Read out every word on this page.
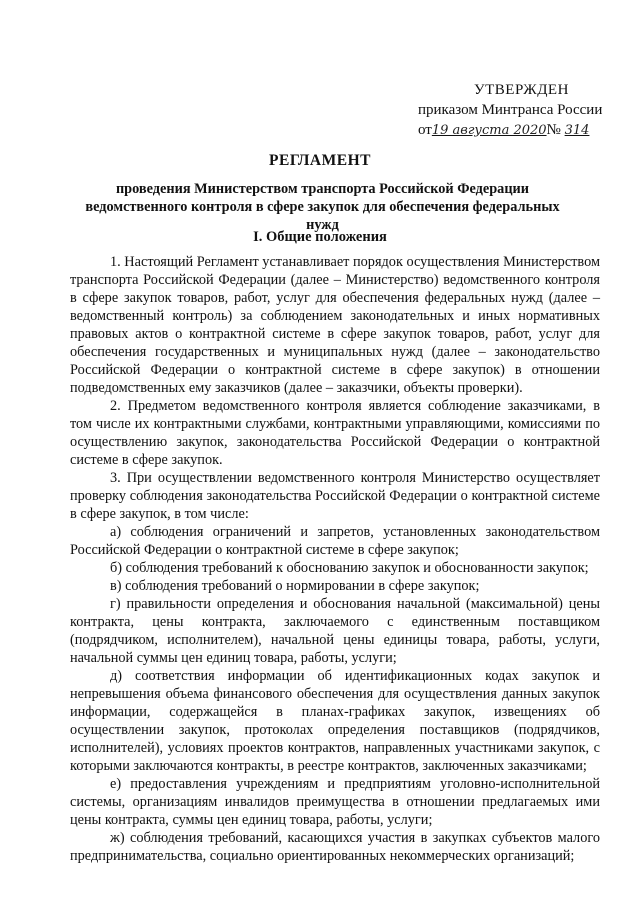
УТВЕРЖДЕН
приказом Минтранса России
от19 августа 2020№ 314
РЕГЛАМЕНТ
проведения Министерством транспорта Российской Федерации ведомственного контроля в сфере закупок для обеспечения федеральных нужд
I. Общие положения

1. Настоящий Регламент устанавливает порядок осуществления Министерством транспорта Российской Федерации (далее – Министерство) ведомственного контроля в сфере закупок товаров, работ, услуг для обеспечения федеральных нужд (далее – ведомственный контроль) за соблюдением законодательных и иных нормативных правовых актов о контрактной системе в сфере закупок товаров, работ, услуг для обеспечения государственных и муниципальных нужд (далее – законодательство Российской Федерации о контрактной системе в сфере закупок) в отношении подведомственных ему заказчиков (далее – заказчики, объекты проверки).

2. Предметом ведомственного контроля является соблюдение заказчиками, в том числе их контрактными службами, контрактными управляющими, комиссиями по осуществлению закупок, законодательства Российской Федерации о контрактной системе в сфере закупок.

3. При осуществлении ведомственного контроля Министерство осуществляет проверку соблюдения законодательства Российской Федерации о контрактной системе в сфере закупок, в том числе:

а) соблюдения ограничений и запретов, установленных законодательством Российской Федерации о контрактной системе в сфере закупок;

б) соблюдения требований к обоснованию закупок и обоснованности закупок;

в) соблюдения требований о нормировании в сфере закупок;

г) правильности определения и обоснования начальной (максимальной) цены контракта, цены контракта, заключаемого с единственным поставщиком (подрядчиком, исполнителем), начальной цены единицы товара, работы, услуги, начальной суммы цен единиц товара, работы, услуги;

д) соответствия информации об идентификационных кодах закупок и непревышения объема финансового обеспечения для осуществления данных закупок информации, содержащейся в планах-графиках закупок, извещениях об осуществлении закупок, протоколах определения поставщиков (подрядчиков, исполнителей), условиях проектов контрактов, направленных участниками закупок, с которыми заключаются контракты, в реестре контрактов, заключенных заказчиками;

е) предоставления учреждениям и предприятиям уголовно-исполнительной системы, организациям инвалидов преимущества в отношении предлагаемых ими цены контракта, суммы цен единиц товара, работы, услуги;

ж) соблюдения требований, касающихся участия в закупках субъектов малого предпринимательства, социально ориентированных некоммерческих организаций;
